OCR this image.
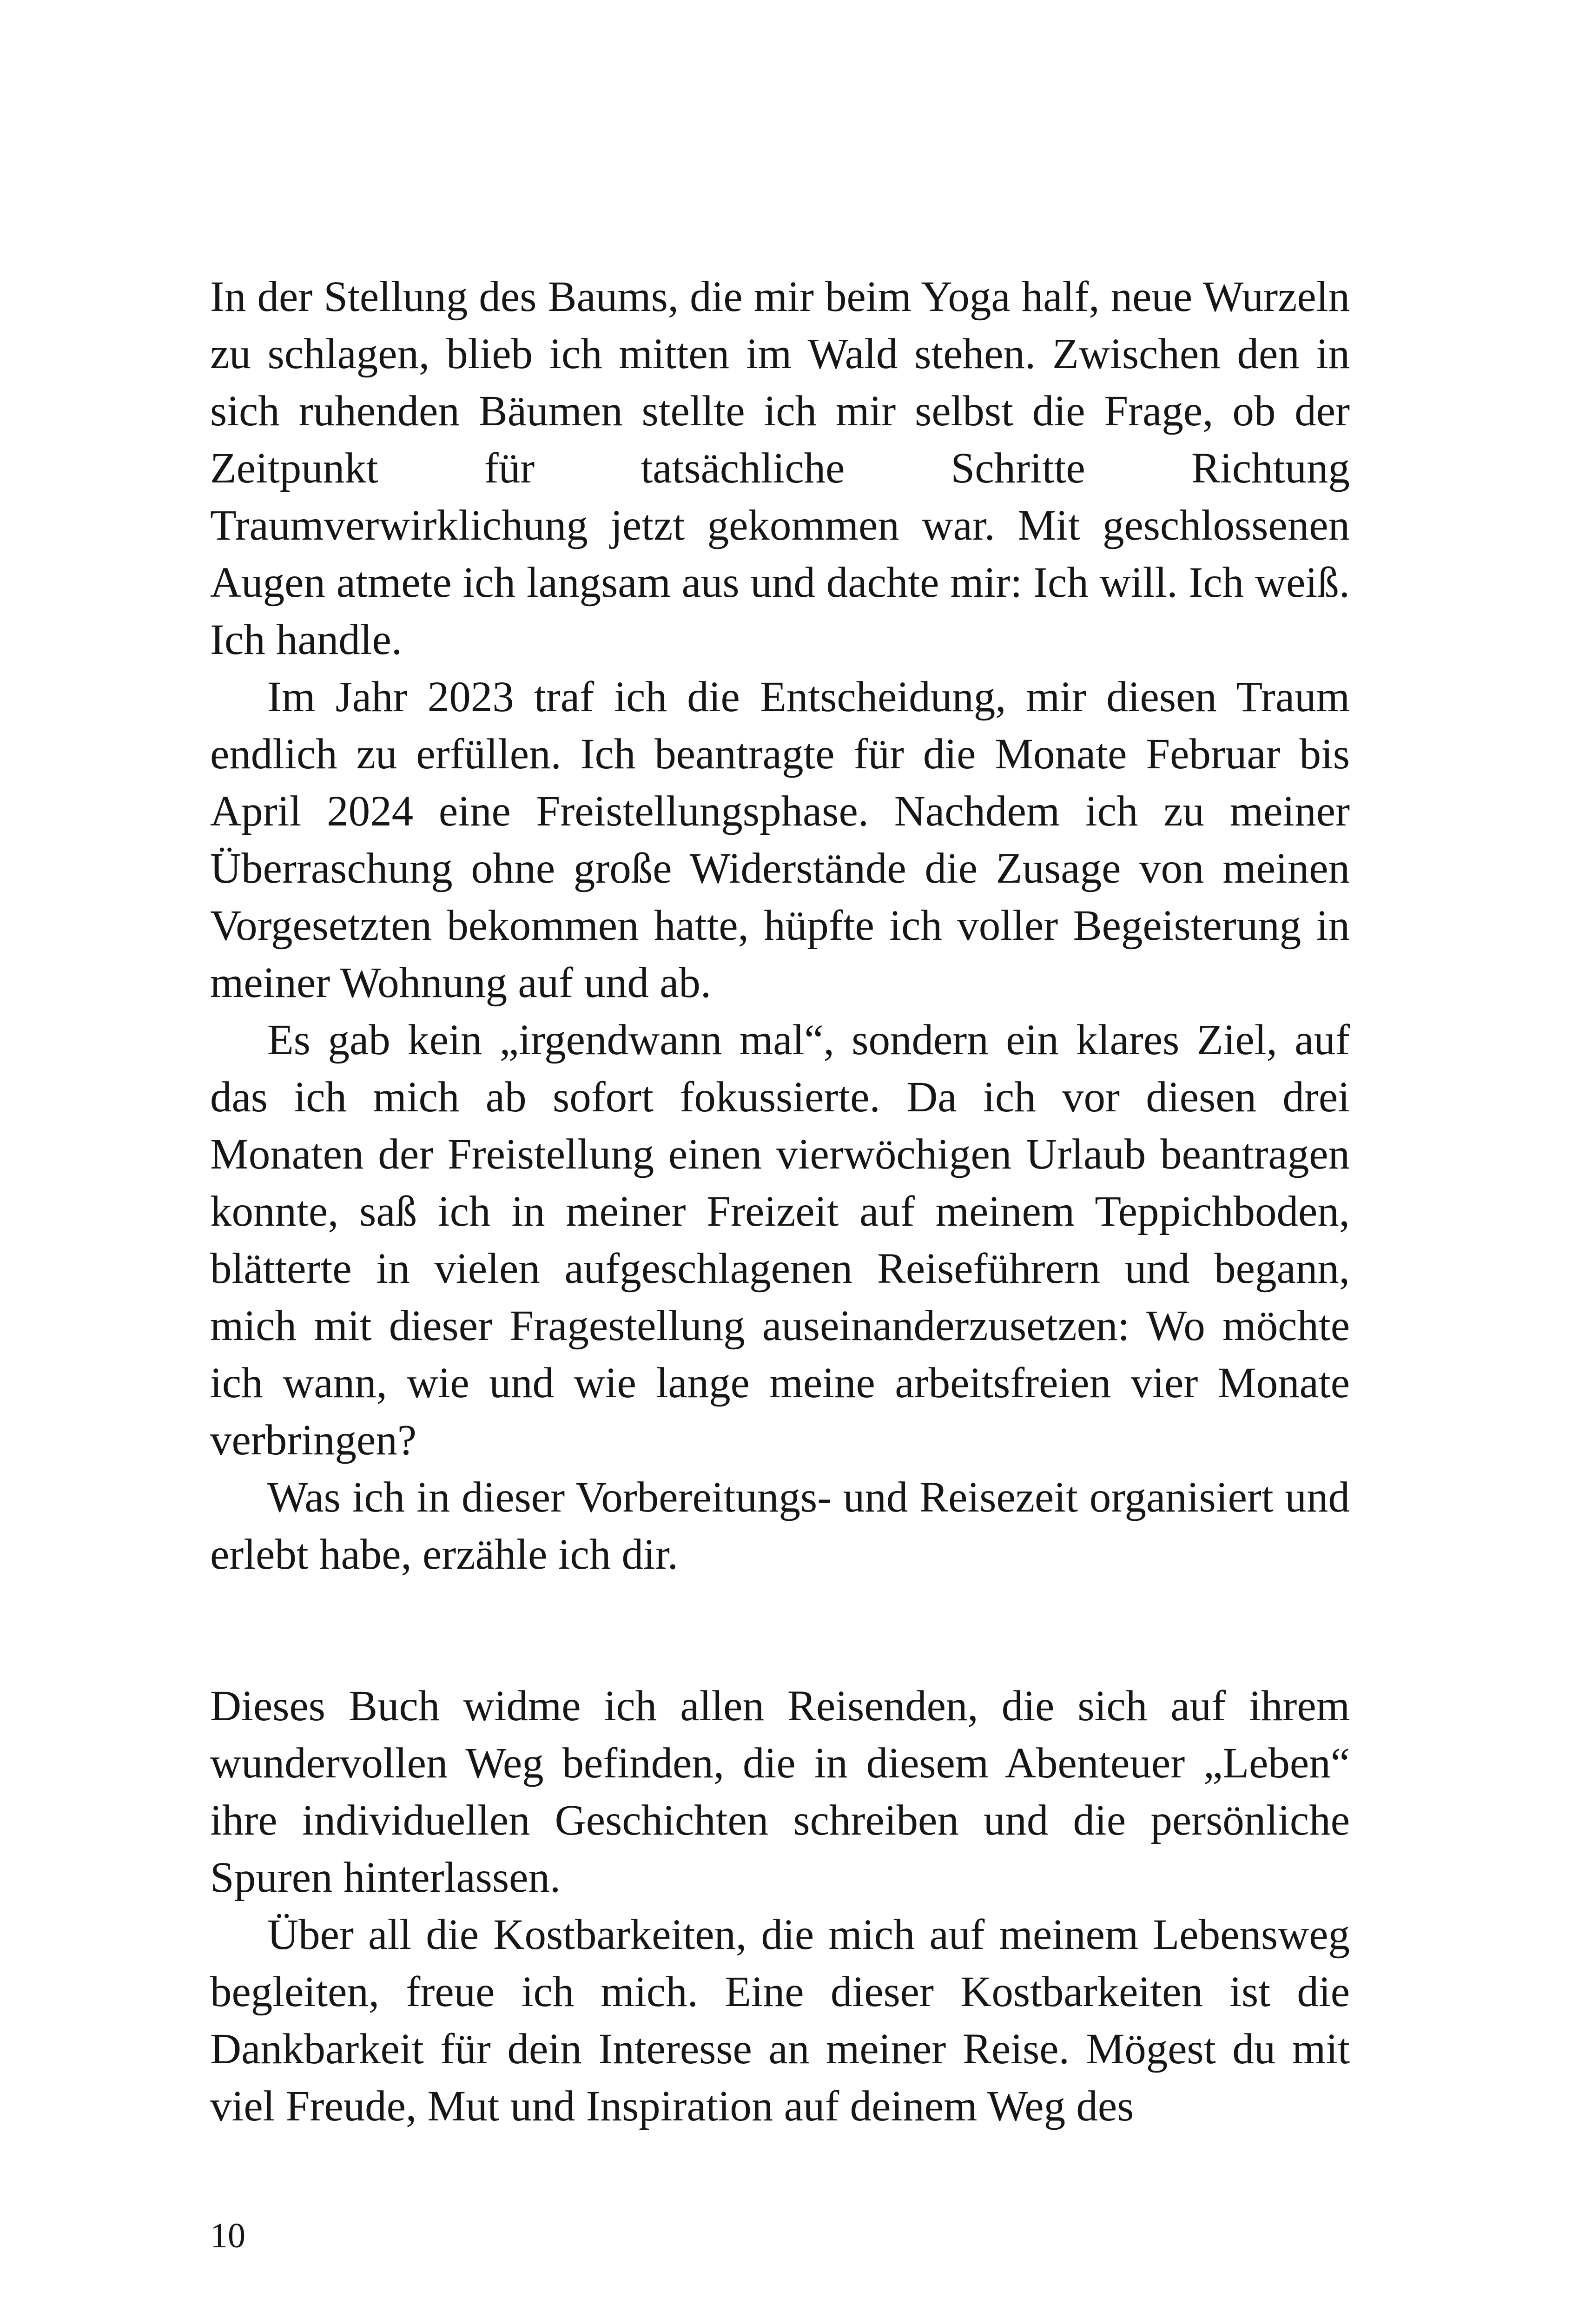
In der Stellung des Baums, die mir beim Yoga half, neue Wurzeln zu schlagen, blieb ich mitten im Wald stehen. Zwischen den in sich ruhenden Bäumen stellte ich mir selbst die Frage, ob der Zeitpunkt für tatsächliche Schritte Richtung Traumverwirklichung jetzt gekommen war. Mit geschlossenen Augen atmete ich langsam aus und dachte mir: Ich will. Ich weiß. Ich handle.

Im Jahr 2023 traf ich die Entscheidung, mir diesen Traum endlich zu erfüllen. Ich beantragte für die Monate Februar bis April 2024 eine Freistellungsphase. Nachdem ich zu meiner Überraschung ohne große Widerstände die Zusage von meinen Vorgesetzten bekommen hatte, hüpfte ich voller Begeisterung in meiner Wohnung auf und ab.

Es gab kein „irgendwann mal“, sondern ein klares Ziel, auf das ich mich ab sofort fokussierte. Da ich vor diesen drei Monaten der Freistellung einen vierwöchigen Urlaub beantragen konnte, saß ich in meiner Freizeit auf meinem Teppichboden, blätterte in vielen aufgeschlagenen Reiseführern und begann, mich mit dieser Fragestellung auseinanderzusetzen: Wo möchte ich wann, wie und wie lange meine arbeitsfreien vier Monate verbringen?

Was ich in dieser Vorbereitungs- und Reisezeit organisiert und erlebt habe, erzähle ich dir.

Dieses Buch widme ich allen Reisenden, die sich auf ihrem wundervollen Weg befinden, die in diesem Abenteuer „Leben“ ihre individuellen Geschichten schreiben und die persönliche Spuren hinterlassen.

Über all die Kostbarkeiten, die mich auf meinem Lebensweg begleiten, freue ich mich. Eine dieser Kostbarkeiten ist die Dankbarkeit für dein Interesse an meiner Reise. Mögest du mit viel Freude, Mut und Inspiration auf deinem Weg des

10
